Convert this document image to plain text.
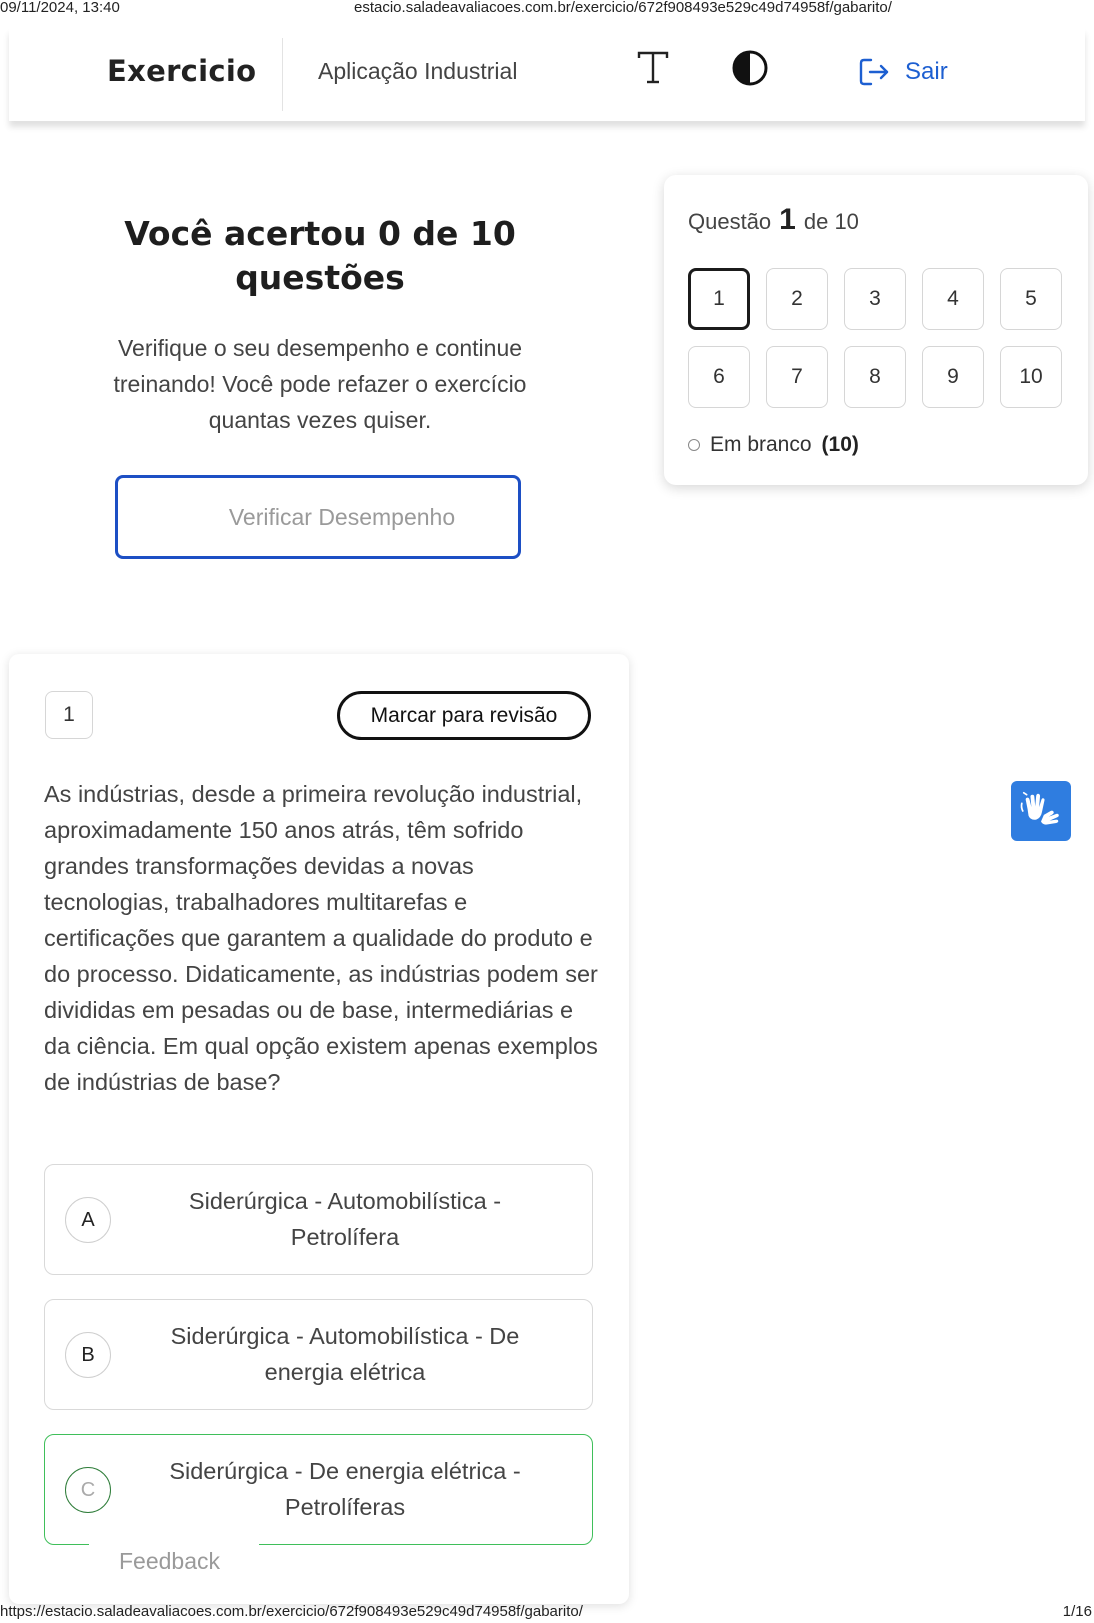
09/11/2024, 13:40	estacio.saladeavaliacoes.com.br/exercicio/672f908493e529c49d74958f/gabarito/
Exercicio	Aplicação Industrial	Sair
Você acertou 0 de 10 questões

Verifique o seu desempenho e continue treinando! Você pode refazer o exercício quantas vezes quiser.

Verificar Desempenho
Questão 1 de 10
1	2	3	4	5
6	7	8	9	10
Em branco (10)
1	Marcar para revisão
As indústrias, desde a primeira revolução industrial, aproximadamente 150 anos atrás, têm sofrido grandes transformações devidas a novas tecnologias, trabalhadores multitarefas e certificações que garantem a qualidade do produto e do processo. Didaticamente, as indústrias podem ser divididas em pesadas ou de base, intermediárias e da ciência. Em qual opção existem apenas exemplos de indústrias de base?
A
Siderúrgica - Automobilística - Petrolífera
B
Siderúrgica - Automobilística - De energia elétrica
C
Siderúrgica - De energia elétrica - Petrolíferas
Feedback
https://estacio.saladeavaliacoes.com.br/exercicio/672f908493e529c49d74958f/gabarito/	1/16
